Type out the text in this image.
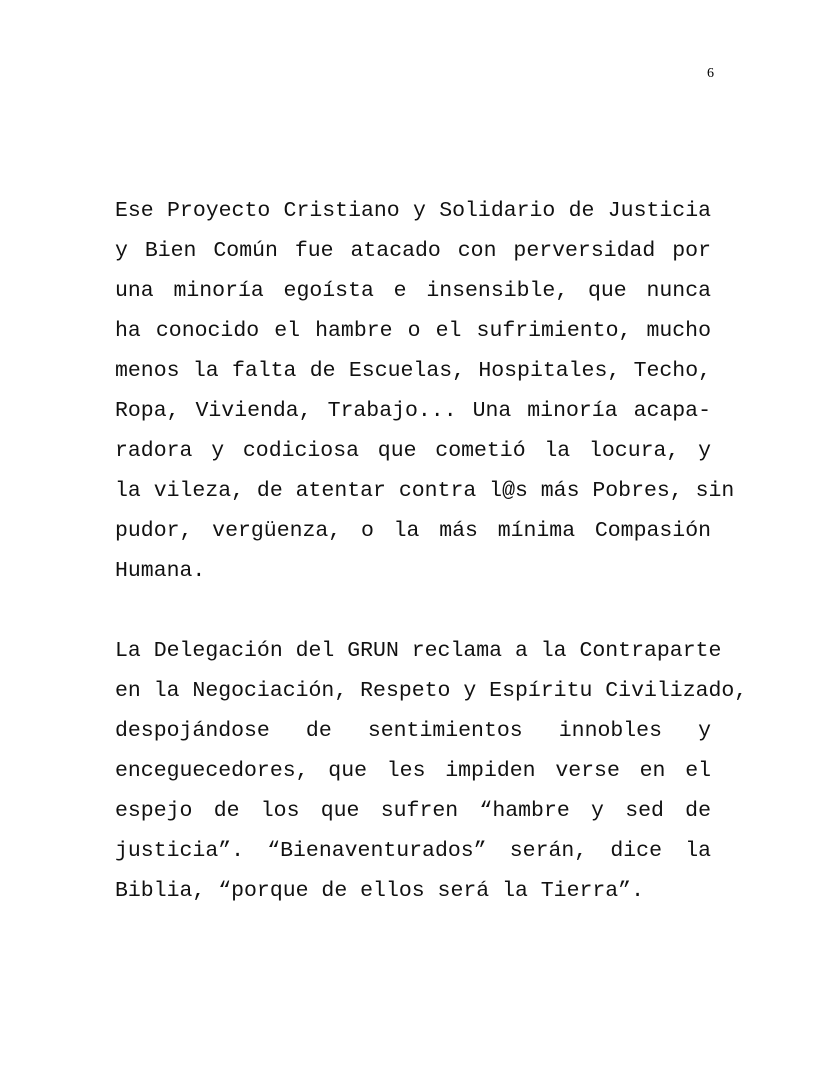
6
Ese Proyecto Cristiano y Solidario de Justicia
y Bien Común fue atacado con perversidad por
una minoría egoísta e insensible, que nunca
ha conocido el hambre o el sufrimiento, mucho
menos la falta de Escuelas, Hospitales, Techo,
Ropa, Vivienda, Trabajo... Una minoría acapa-
radora y codiciosa que cometió la locura, y
la vileza, de atentar contra l@s más Pobres, sin
pudor, vergüenza, o la más mínima Compasión
Humana.
La Delegación del GRUN reclama a la Contraparte
en la Negociación, Respeto y Espíritu Civilizado,
despojándose de sentimientos innobles y
enceguecedores, que les impiden verse en el
espejo de los que sufren “hambre y sed de
justicia”. “Bienaventurados” serán, dice la
Biblia, “porque de ellos será la Tierra”.
